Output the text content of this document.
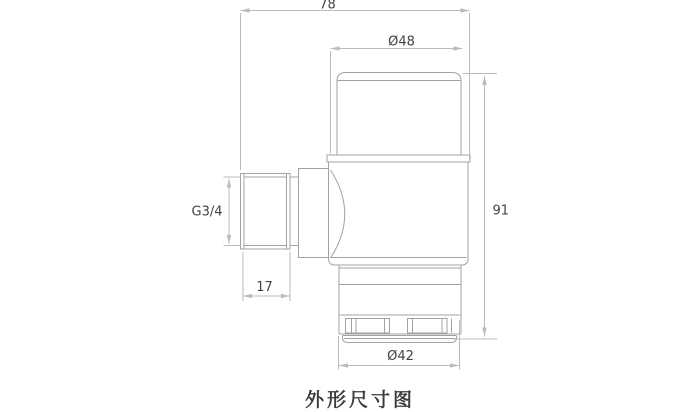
78
Ø48
91
G3/4
17
Ø42
外形尺寸图
